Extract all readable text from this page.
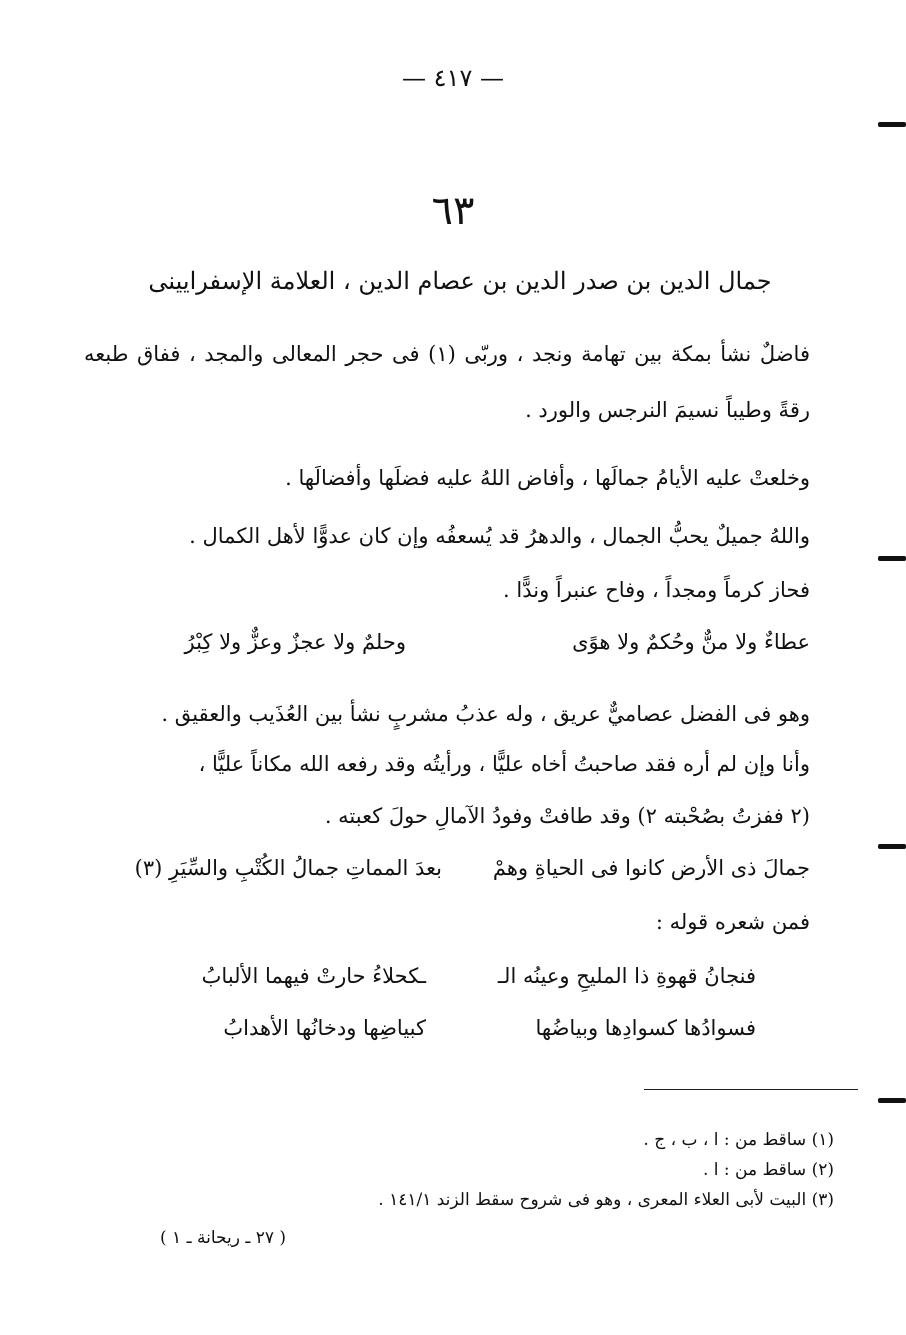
— ٤١٧ —
٦٣
جمال الدين بن صدر الدين بن عصام الدين ، العلامة الإسفرايينى
فاضلٌ نشأ بمكة بين تهامة ونجد ، وربّى (١) فى حجر المعالى والمجد ، ففاق طبعه
رقةً وطيباً نسيمَ النرجس والورد .
وخلعتْ عليه الأيامُ جمالَها ، وأفاض اللهُ عليه فضلَها وأفضالَها .
واللهُ جميلٌ يحبُّ الجمال ، والدهرُ قد يُسعفُه وإن كان عدوًّا لأهل الكمال .
فحاز كرماً ومجداً ، وفاح عنبراً وندًّا .
عطاءٌ ولا منٌّ وحُكمٌ ولا هوًى
وحلمٌ ولا عجزٌ وعزٌّ ولا كِبْرُ
وهو فى الفضل عصاميٌّ عريق ، وله عذبُ مشربٍ نشأ بين العُذَيب والعقيق .
وأنا وإن لم أره فقد صاحبتُ أخاه عليًّا ، ورأيتُه وقد رفعه الله مكاناً عليًّا ،
(٢ ففزتُ بصُحْبته ٢) وقد طافتْ وفودُ الآمالِ حولَ كعبته .
جمالَ ذى الأرض كانوا فى الحياةِ وهمْ
بعدَ المماتِ جمالُ الكُتْبِ والسِّيَرِ (٣)
فمن شعره قوله :
فنجانُ قهوةِ ذا المليحِ وعينُه الـ
ـكحلاءُ حارتْ فيهما الألبابُ
فسوادُها كسوادِها وبياضُها
كبياضِها ودخانُها الأهدابُ
(١) ساقط من : ا ، ب ، ج .
(٢) ساقط من : ا .
(٣) البيت لأبى العلاء المعرى ، وهو فى شروح سقط الزند ١٤١/١ .
( ٢٧ ـ ريحانة ـ ١ )
